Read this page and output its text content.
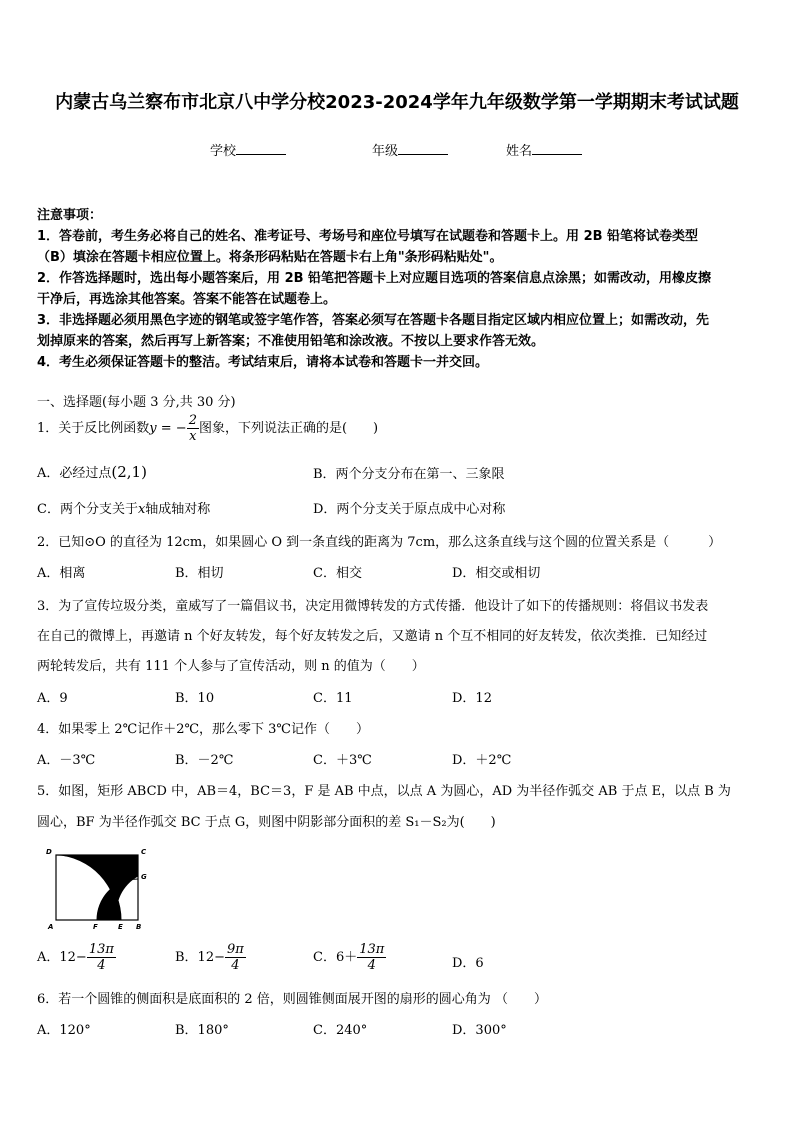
内蒙古乌兰察布市北京八中学分校2023-2024学年九年级数学第一学期期末考试试题
学校	年级	姓名
注意事项：
1．答卷前，考生务必将自己的姓名、准考证号、考场号和座位号填写在试题卷和答题卡上。用 2B 铅笔将试卷类型
（B）填涂在答题卡相应位置上。将条形码粘贴在答题卡右上角"条形码粘贴处"。
2．作答选择题时，选出每小题答案后，用 2B 铅笔把答题卡上对应题目选项的答案信息点涂黑；如需改动，用橡皮擦
干净后，再选涂其他答案。答案不能答在试题卷上。
3．非选择题必须用黑色字迹的钢笔或签字笔作答，答案必须写在答题卡各题目指定区域内相应位置上；如需改动，先
划掉原来的答案，然后再写上新答案；不准使用铅笔和涂改液。不按以上要求作答无效。
4．考生必须保证答题卡的整洁。考试结束后，请将本试卷和答题卡一并交回。
一、选择题(每小题 3 分,共 30 分)
1．关于反比例函数y = − $\frac{2}{x}$ 图象，下列说法正确的是(　　)
A．必经过点(2,1)	B．两个分支分布在第一、三象限
C．两个分支关于x轴成轴对称	D．两个分支关于原点成中心对称
2．已知⊙O 的直径为 12cm，如果圆心 O 到一条直线的距离为 7cm，那么这条直线与这个圆的位置关系是（　　　）
A．相离	B．相切	C．相交	D．相交或相切
3．为了宣传垃圾分类，童威写了一篇倡议书，决定用微博转发的方式传播．他设计了如下的传播规则：将倡议书发表
在自己的微博上，再邀请 n 个好友转发，每个好友转发之后，又邀请 n 个互不相同的好友转发，依次类推．已知经过
两轮转发后，共有 111 个人参与了宣传活动，则 n 的值为（　　）
A．9	B．10	C．11	D．12
4．如果零上 2℃记作＋2℃，那么零下 3℃记作（　　）
A．－3℃	B．－2℃	C．＋3℃	D．＋2℃
5．如图，矩形 ABCD 中，AB＝4，BC＝3，F 是 AB 中点，以点 A 为圆心，AD 为半径作弧交 AB 于点 E，以点 B 为
圆心，BF 为半径作弧交 BC 于点 G，则图中阴影部分面积的差 S₁－S₂为(　　)
D	C
G
A	F	E B
A．$12- \frac{13\pi}{4}$	B．$12- \frac{9\pi}{4}$	C．$6+ \frac{13\pi}{4}$	D．6
6．若一个圆锥的侧面积是底面积的 2 倍，则圆锥侧面展开图的扇形的圆心角为 （　　）
A．120°	B．180°	C．240°	D．300°
